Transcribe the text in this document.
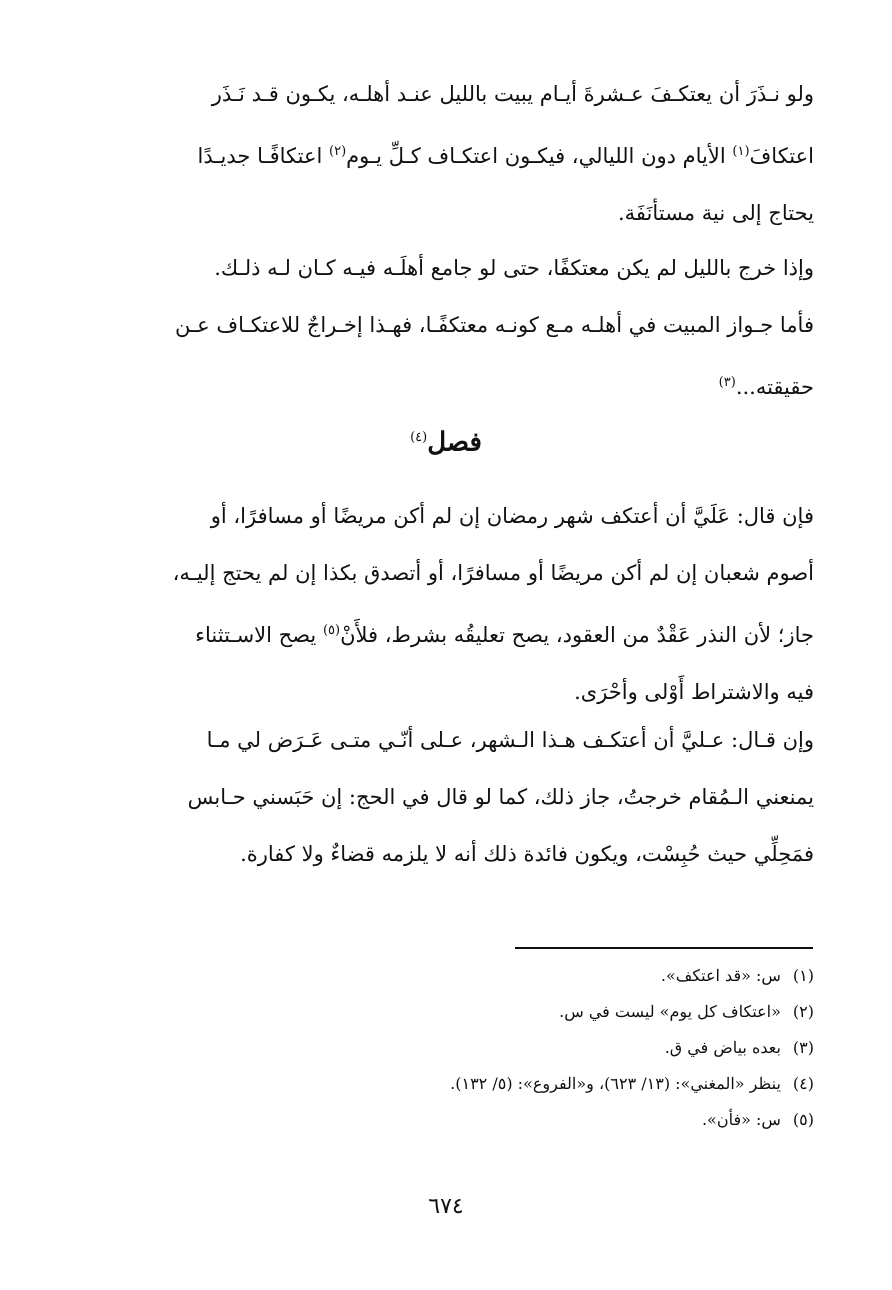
ولو نـذَرَ أن يعتكـفَ عـشرةَ أيـام يبيت بالليل عنـد أهلـه، يكـون قـد نَـذَر

اعتكافَ$^{(١)}$ الأيام دون الليالي، فيكـون اعتكـاف كـلِّ يـوم$^{(٢)}$ اعتكافًـا جديـدًا

يحتاج إلى نية مستأنَفَة.

وإذا خرج بالليل لم يكن معتكفًا، حتى لو جامع أهلَـه فيـه كـان لـه ذلـك.

فأما جـواز المبيت في أهلـه مـع كونـه معتكفًـا، فهـذا إخـراجٌ للاعتكـاف عـن

حقيقته...$^{(٣)}$

فصل$^{(٤)}$

فإن قال: عَلَيَّ أن أعتكف شهر رمضان إن لم أكن مريضًا أو مسافرًا، أو

أصوم شعبان إن لم أكن مريضًا أو مسافرًا، أو أتصدق بكذا إن لم يحتج إليـه،

جاز؛ لأن النذر عَقْدٌ من العقود، يصح تعليقُه بشرط، فلأَنْ$^{(٥)}$ يصح الاسـتثناء

فيه والاشتراط أَوْلى وأحْرَى.

وإن قـال: عـليَّ أن أعتكـف هـذا الـشهر، عـلى أنّـي متـى عَـرَض لي مـا

يمنعني الـمُقام خرجتُ، جاز ذلك، كما لو قال في الحج: إن حَبَسني حـابس

فمَحِلِّي حيث حُبِسْت، ويكون فائدة ذلك أنه لا يلزمه قضاءٌ ولا كفارة.

(١)س: «قد اعتكف».
(٢)«اعتكاف كل يوم» ليست في س.
(٣)بعده بياض في ق.
(٤)ينظر «المغني»: (١٣/ ٦٢٣)، و«الفروع»: (٥/ ١٣٢).
(٥)س: «فأن».
٦٧٤
